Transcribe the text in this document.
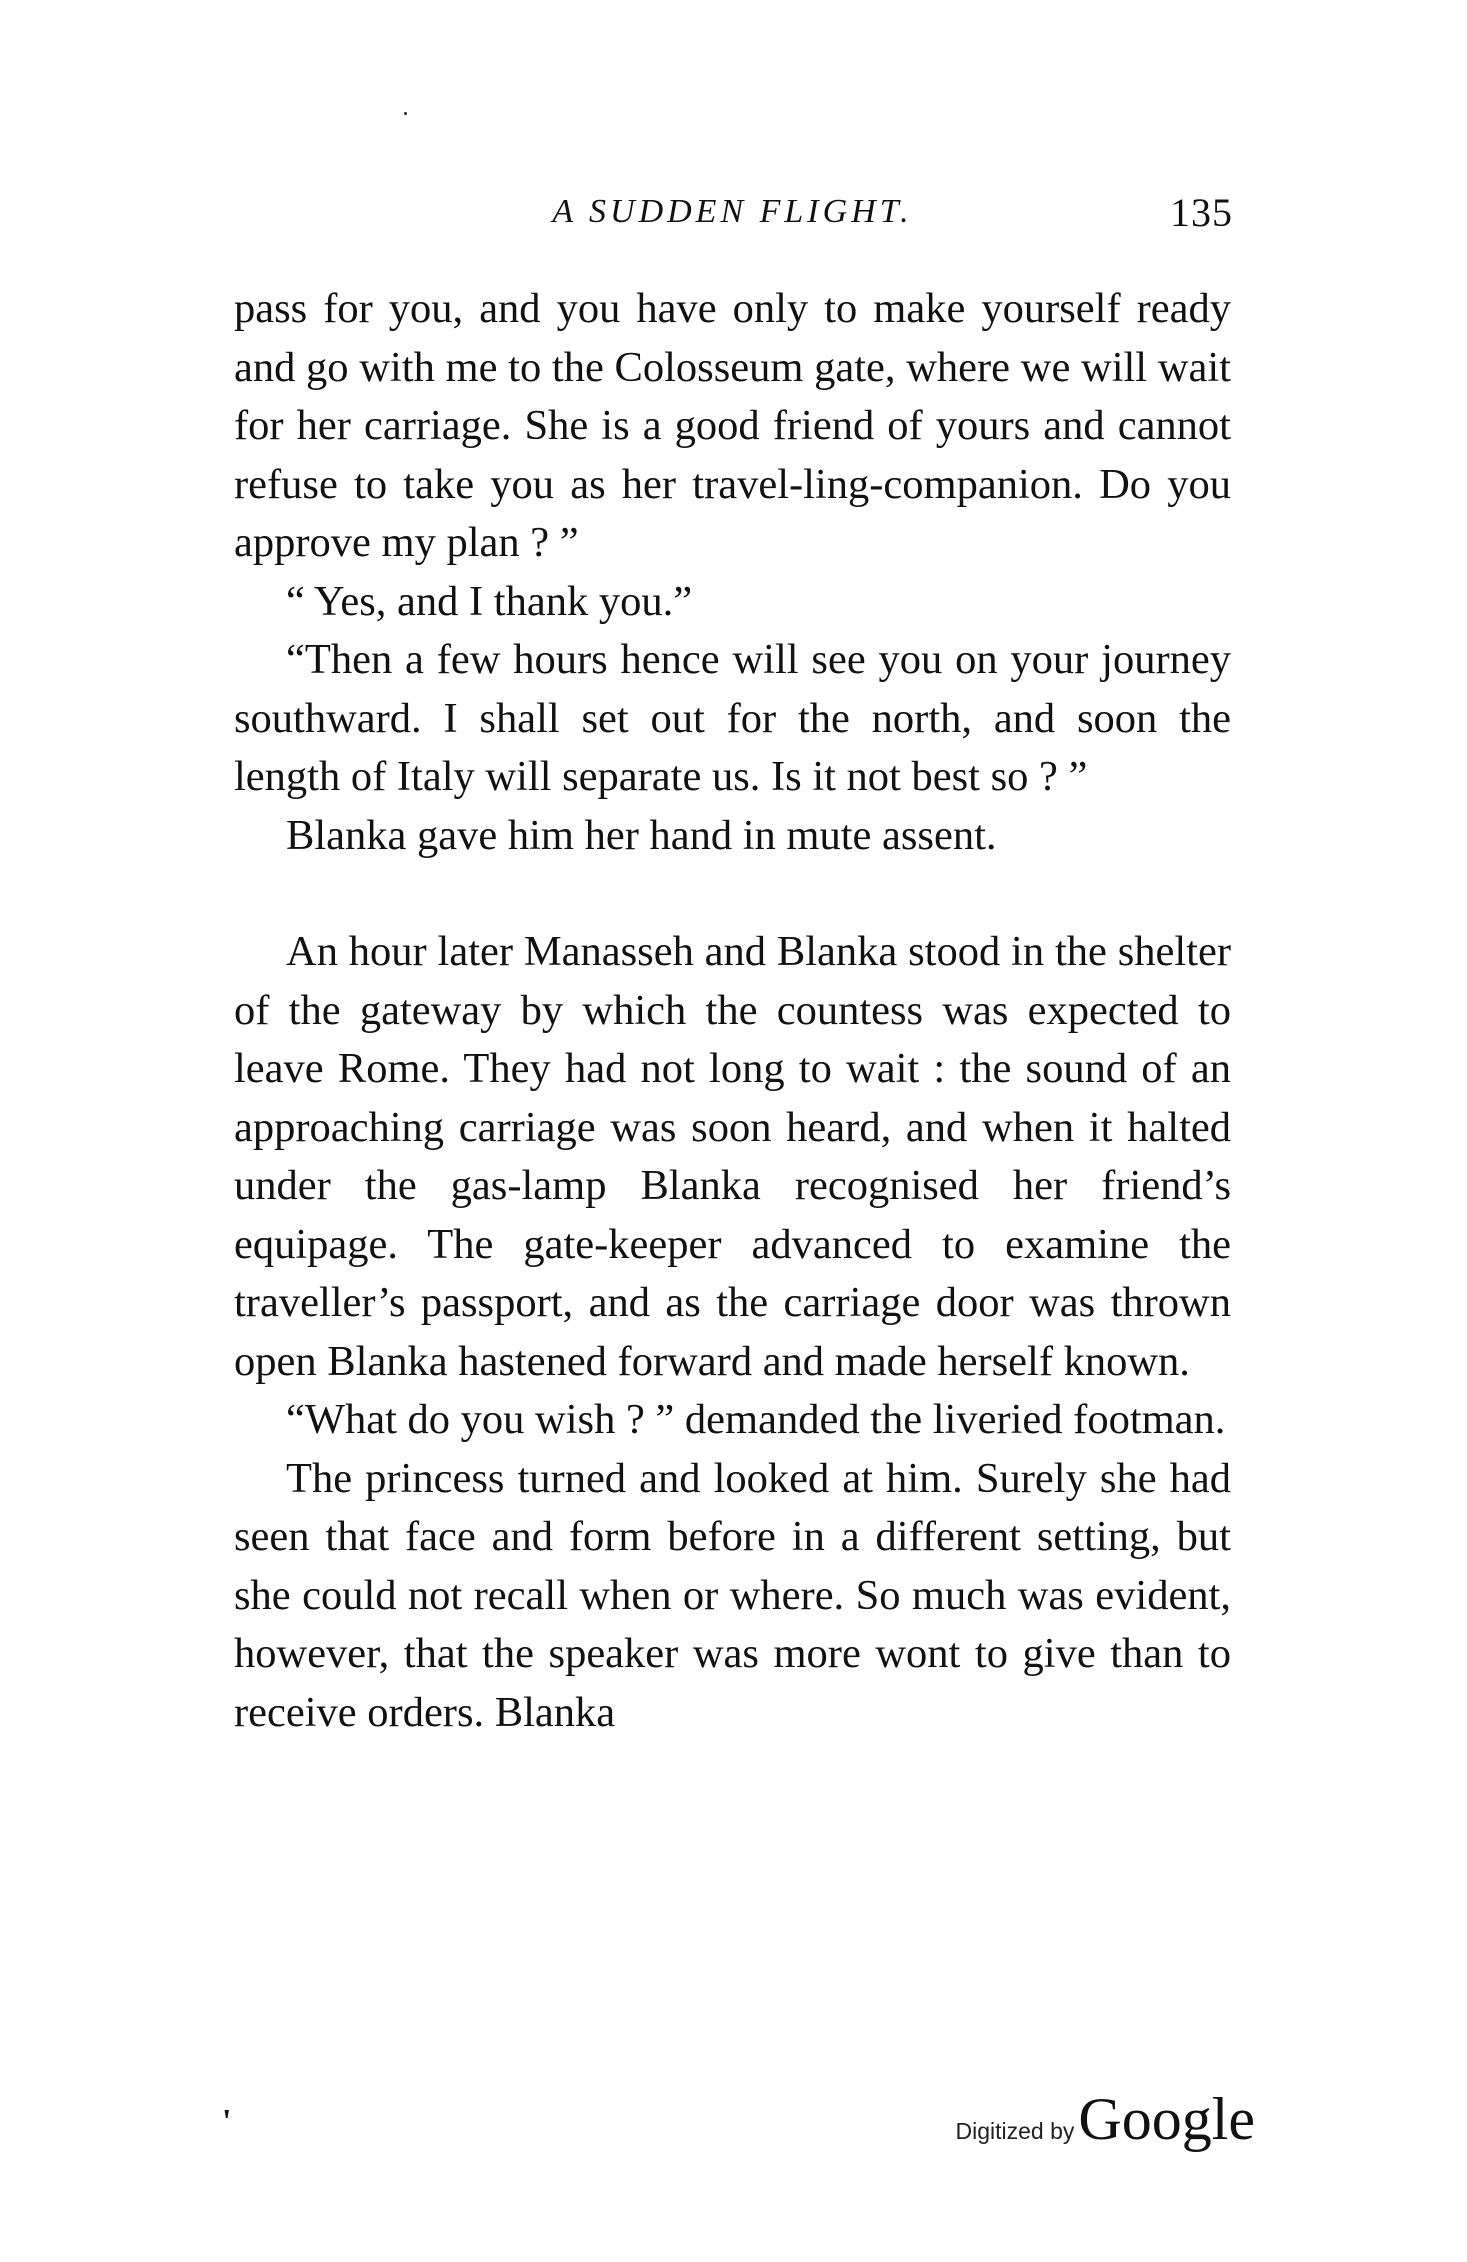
A SUDDEN FLIGHT.	135

pass for you, and you have only to make yourself ready and go with me to the Colosseum gate, where we will wait for her carriage. She is a good friend of yours and cannot refuse to take you as her travel-ling-companion. Do you approve my plan ? ”

“ Yes, and I thank you.”

“Then a few hours hence will see you on your journey southward. I shall set out for the north, and soon the length of Italy will separate us. Is it not best so ? ”

Blanka gave him her hand in mute assent.

An hour later Manasseh and Blanka stood in the shelter of the gateway by which the countess was expected to leave Rome. They had not long to wait : the sound of an approaching carriage was soon heard, and when it halted under the gas-lamp Blanka recognised her friend’s equipage. The gate-keeper advanced to examine the traveller’s passport, and as the carriage door was thrown open Blanka hastened forward and made herself known.

“What do you wish ? ” demanded the liveried footman.

The princess turned and looked at him. Surely she had seen that face and form before in a different setting, but she could not recall when or where. So much was evident, however, that the speaker was more wont to give than to receive orders. Blanka

'	Digitized by Google
